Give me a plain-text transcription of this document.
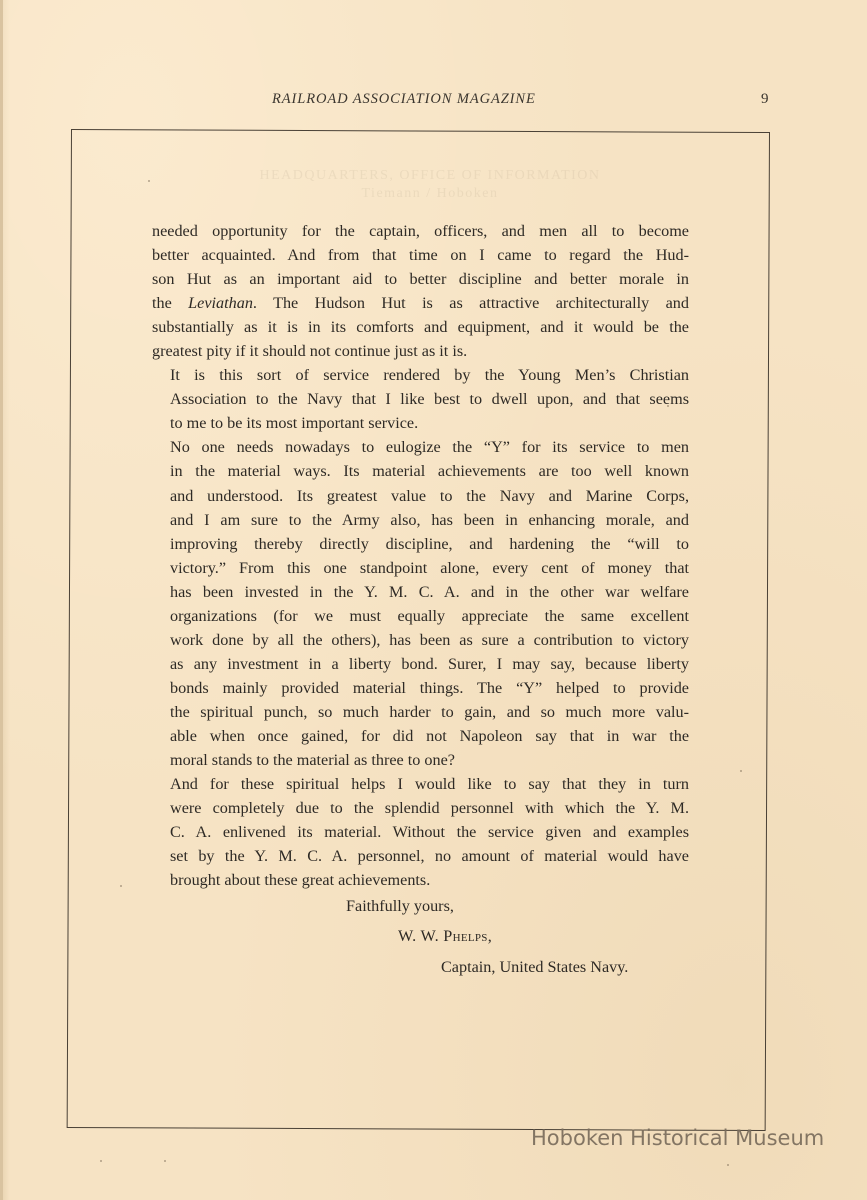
RAILROAD ASSOCIATION MAGAZINE	9
HEADQUARTERS, OFFICE OF INFORMATION
Tiemann / Hoboken

needed opportunity for the captain, officers, and men all to become
better acquainted. And from that time on I came to regard the Hud-
son Hut as an important aid to better discipline and better morale in
the Leviathan. The Hudson Hut is as attractive architecturally and
substantially as it is in its comforts and equipment, and it would be the
greatest pity if it should not continue just as it is.

It is this sort of service rendered by the Young Men’s Christian
Association to the Navy that I like best to dwell upon, and that seems
to me to be its most important service.

No one needs nowadays to eulogize the “Y” for its service to men
in the material ways. Its material achievements are too well known
and understood. Its greatest value to the Navy and Marine Corps,
and I am sure to the Army also, has been in enhancing morale, and
improving thereby directly discipline, and hardening the “will to
victory.” From this one standpoint alone, every cent of money that
has been invested in the Y. M. C. A. and in the other war welfare
organizations (for we must equally appreciate the same excellent
work done by all the others), has been as sure a contribution to victory
as any investment in a liberty bond. Surer, I may say, because liberty
bonds mainly provided material things. The “Y” helped to provide
the spiritual punch, so much harder to gain, and so much more valu-
able when once gained, for did not Napoleon say that in war the
moral stands to the material as three to one?

And for these spiritual helps I would like to say that they in turn
were completely due to the splendid personnel with which the Y. M.
C. A. enlivened its material. Without the service given and examples
set by the Y. M. C. A. personnel, no amount of material would have
brought about these great achievements.

Faithfully yours,
W. W. Phelps,
Captain, United States Navy.
Hoboken Historical Museum
